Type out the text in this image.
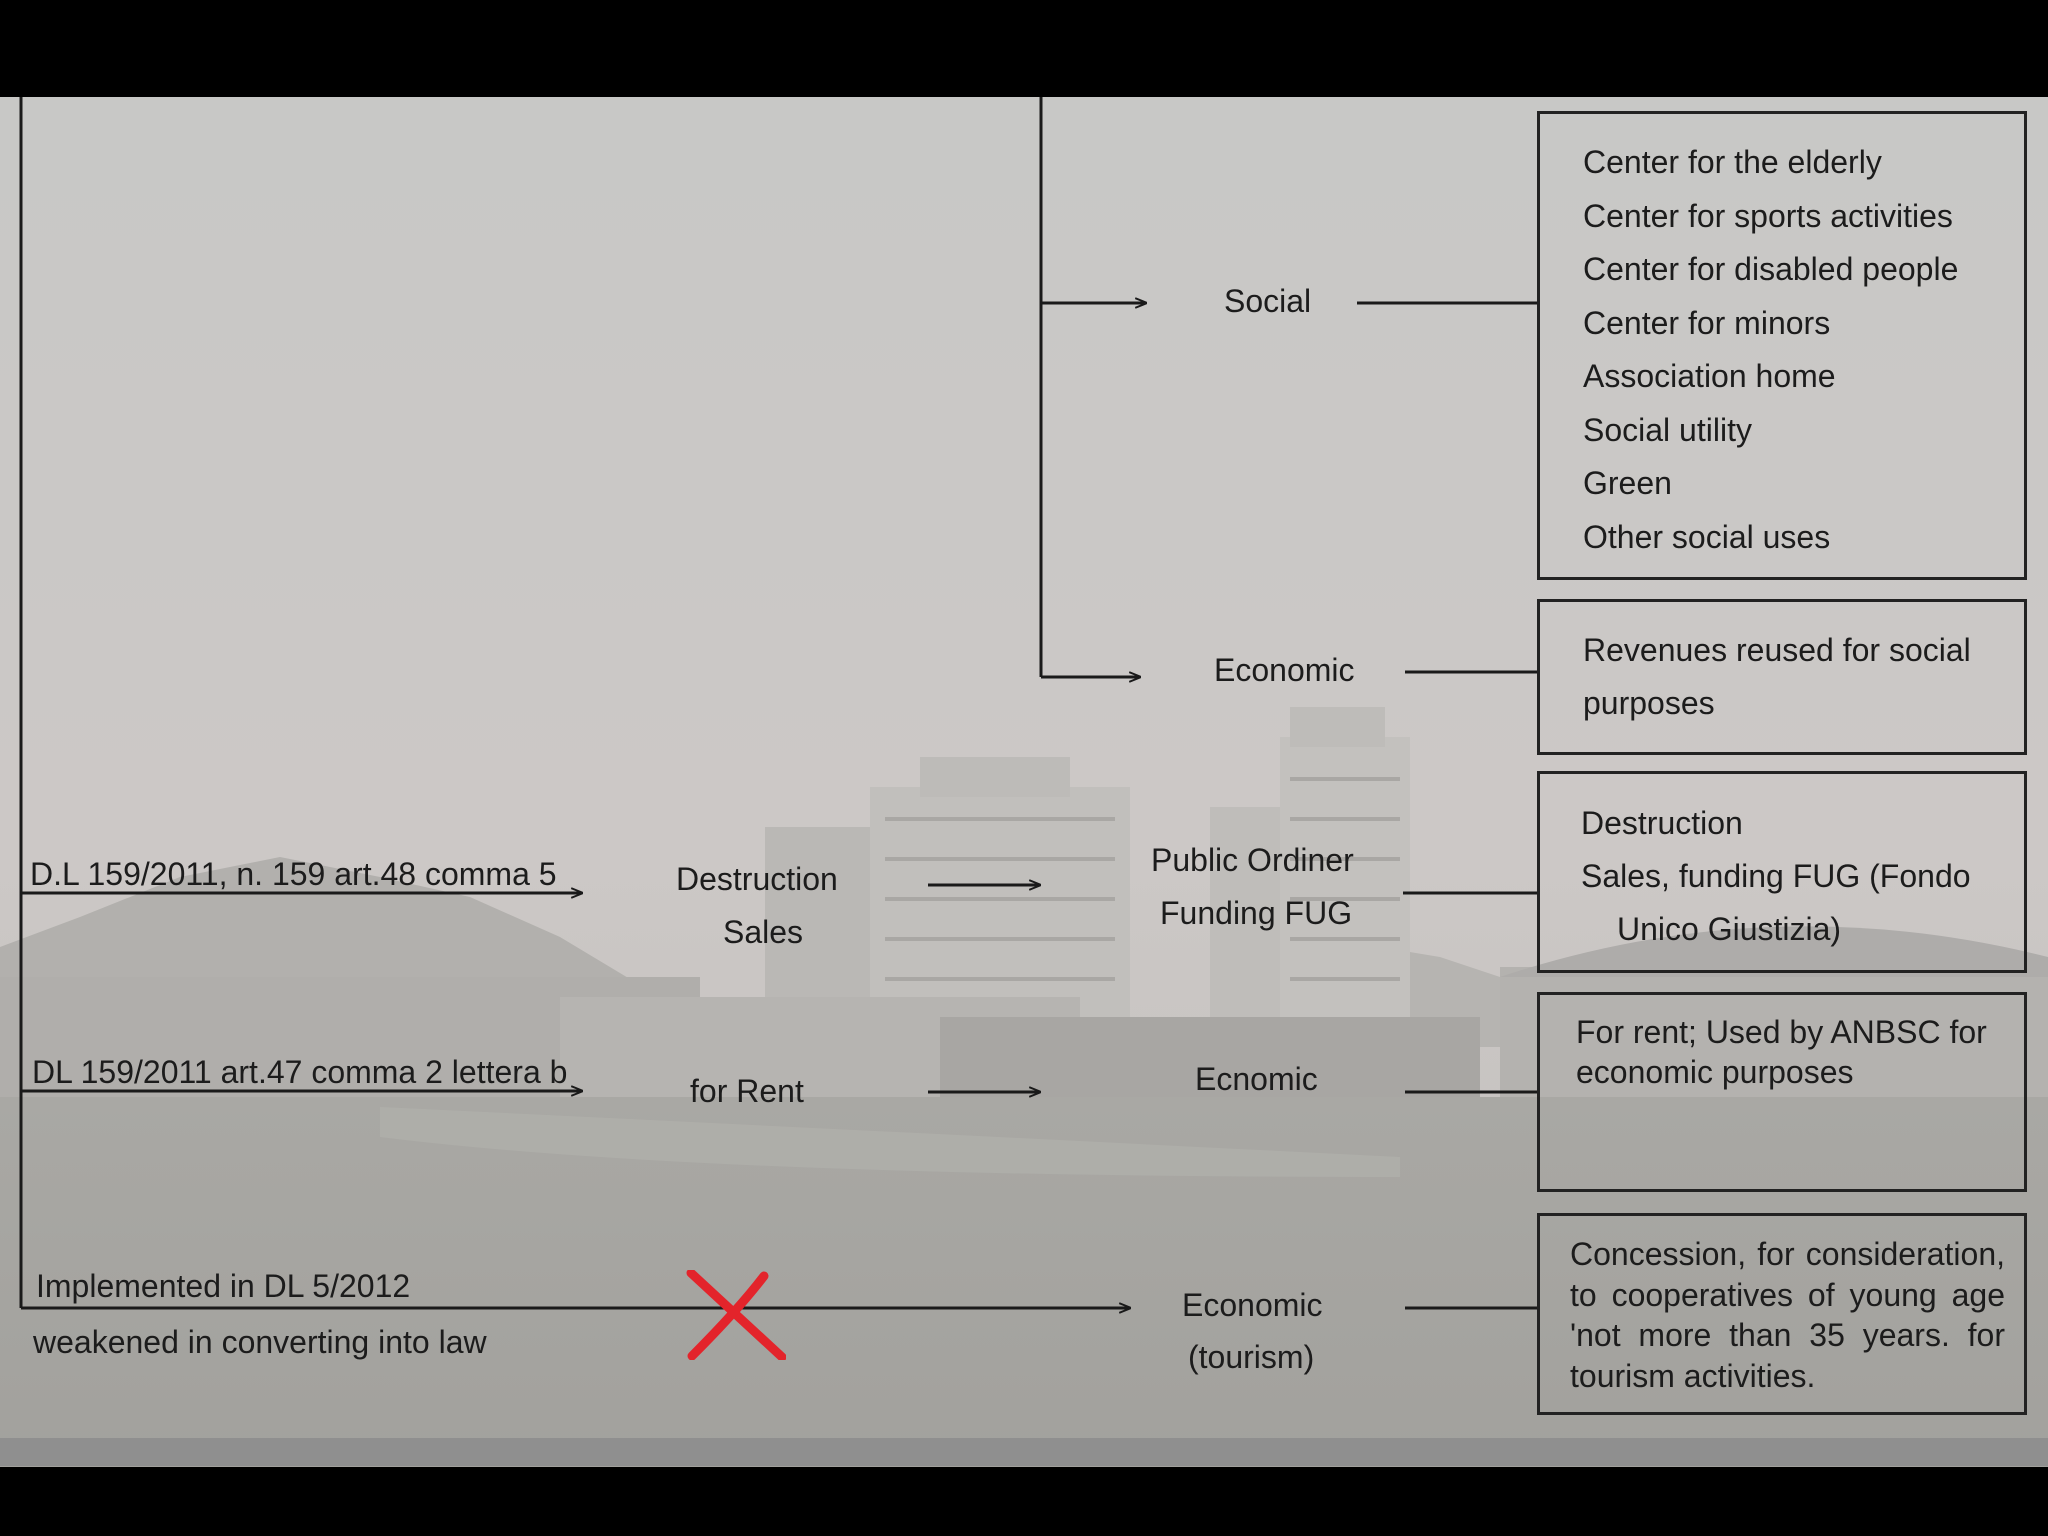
D.L 159/2011, n. 159 art.48 comma 5
DL 159/2011 art.47 comma 2 lettera b
Implemented in DL 5/2012
weakened in converting into law
Destruction
Sales
for Rent
Social
Economic
Public Ordiner
Funding FUG
Ecnomic
Economic
(tourism)
Center for the elderly
Center for sports activities
Center for disabled people
Center for minors
Association home
Social utility
Green
Other social uses
Revenues reused for social
purposes
Destruction
Sales, funding FUG (Fondo
Unico Giustizia)
For rent; Used by ANBSC for
economic purposes
Concession, for consideration, to cooperatives of young age 'not more than 35 years. for tourism activities.
